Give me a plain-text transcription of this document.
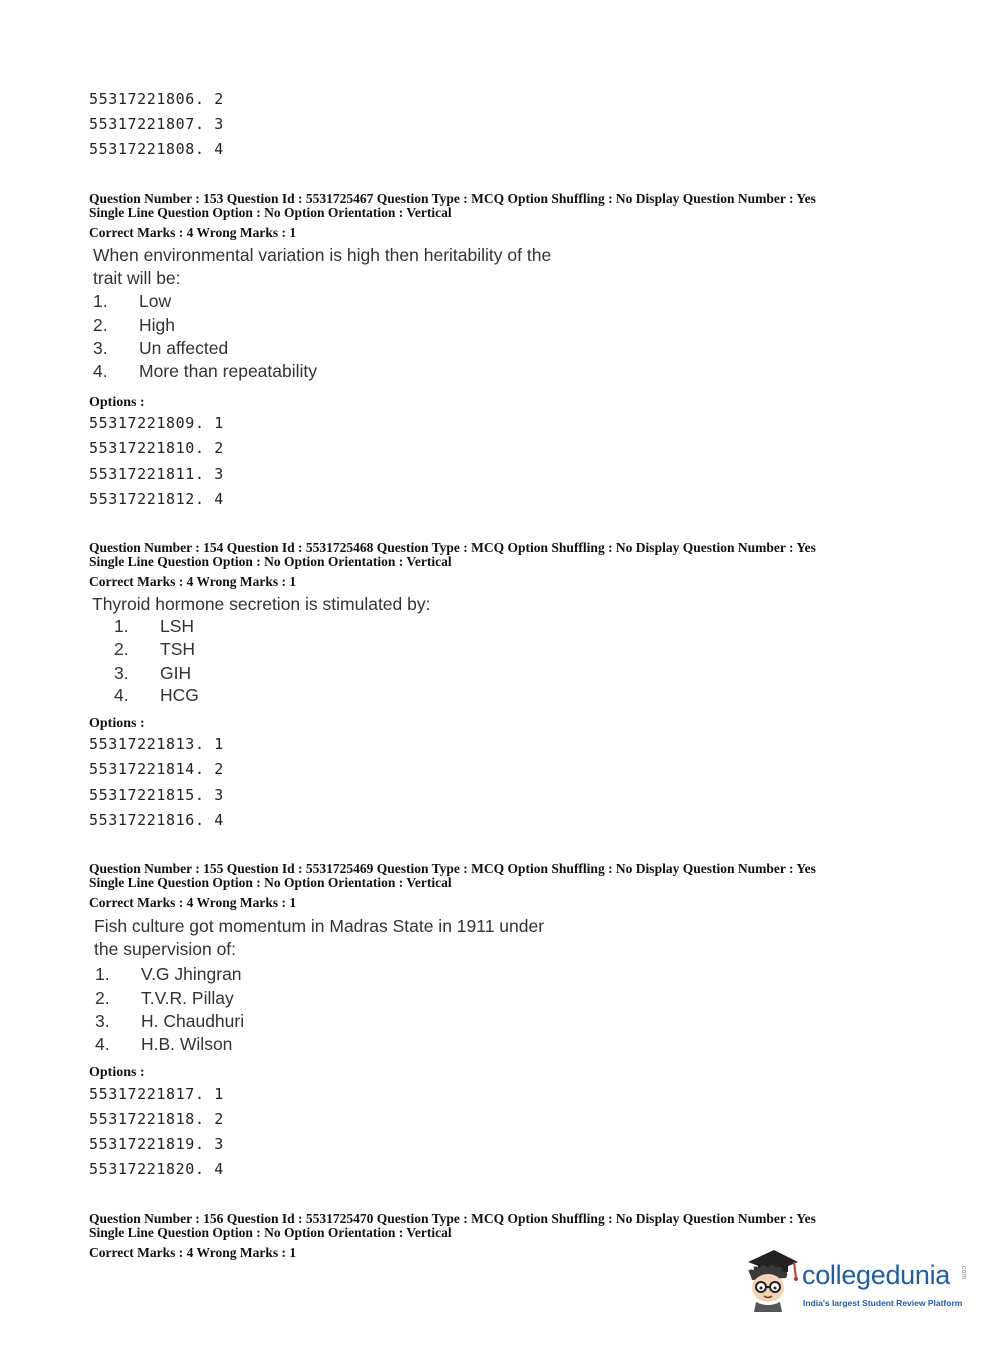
55317221806. 2
55317221807. 3
55317221808. 4
Question Number : 153 Question Id : 5531725467 Question Type : MCQ Option Shuffling : No Display Question Number : Yes
Single Line Question Option : No Option Orientation : Vertical
Correct Marks : 4 Wrong Marks : 1
When environmental variation is high then heritability of the
trait will be:
1. Low
2. High
3. Un affected
4. More than repeatability
Options :
55317221809. 1
55317221810. 2
55317221811. 3
55317221812. 4
Question Number : 154 Question Id : 5531725468 Question Type : MCQ Option Shuffling : No Display Question Number : Yes
Single Line Question Option : No Option Orientation : Vertical
Correct Marks : 4 Wrong Marks : 1
Thyroid hormone secretion is stimulated by:
1. LSH
2. TSH
3. GIH
4. HCG
Options :
55317221813. 1
55317221814. 2
55317221815. 3
55317221816. 4
Question Number : 155 Question Id : 5531725469 Question Type : MCQ Option Shuffling : No Display Question Number : Yes
Single Line Question Option : No Option Orientation : Vertical
Correct Marks : 4 Wrong Marks : 1
Fish culture got momentum in Madras State in 1911 under
the supervision of:
1. V.G Jhingran
2. T.V.R. Pillay
3. H. Chaudhuri
4. H.B. Wilson
Options :
55317221817. 1
55317221818. 2
55317221819. 3
55317221820. 4
Question Number : 156 Question Id : 5531725470 Question Type : MCQ Option Shuffling : No Display Question Number : Yes
Single Line Question Option : No Option Orientation : Vertical
Correct Marks : 4 Wrong Marks : 1
collegedunia .com
India's largest Student Review Platform
